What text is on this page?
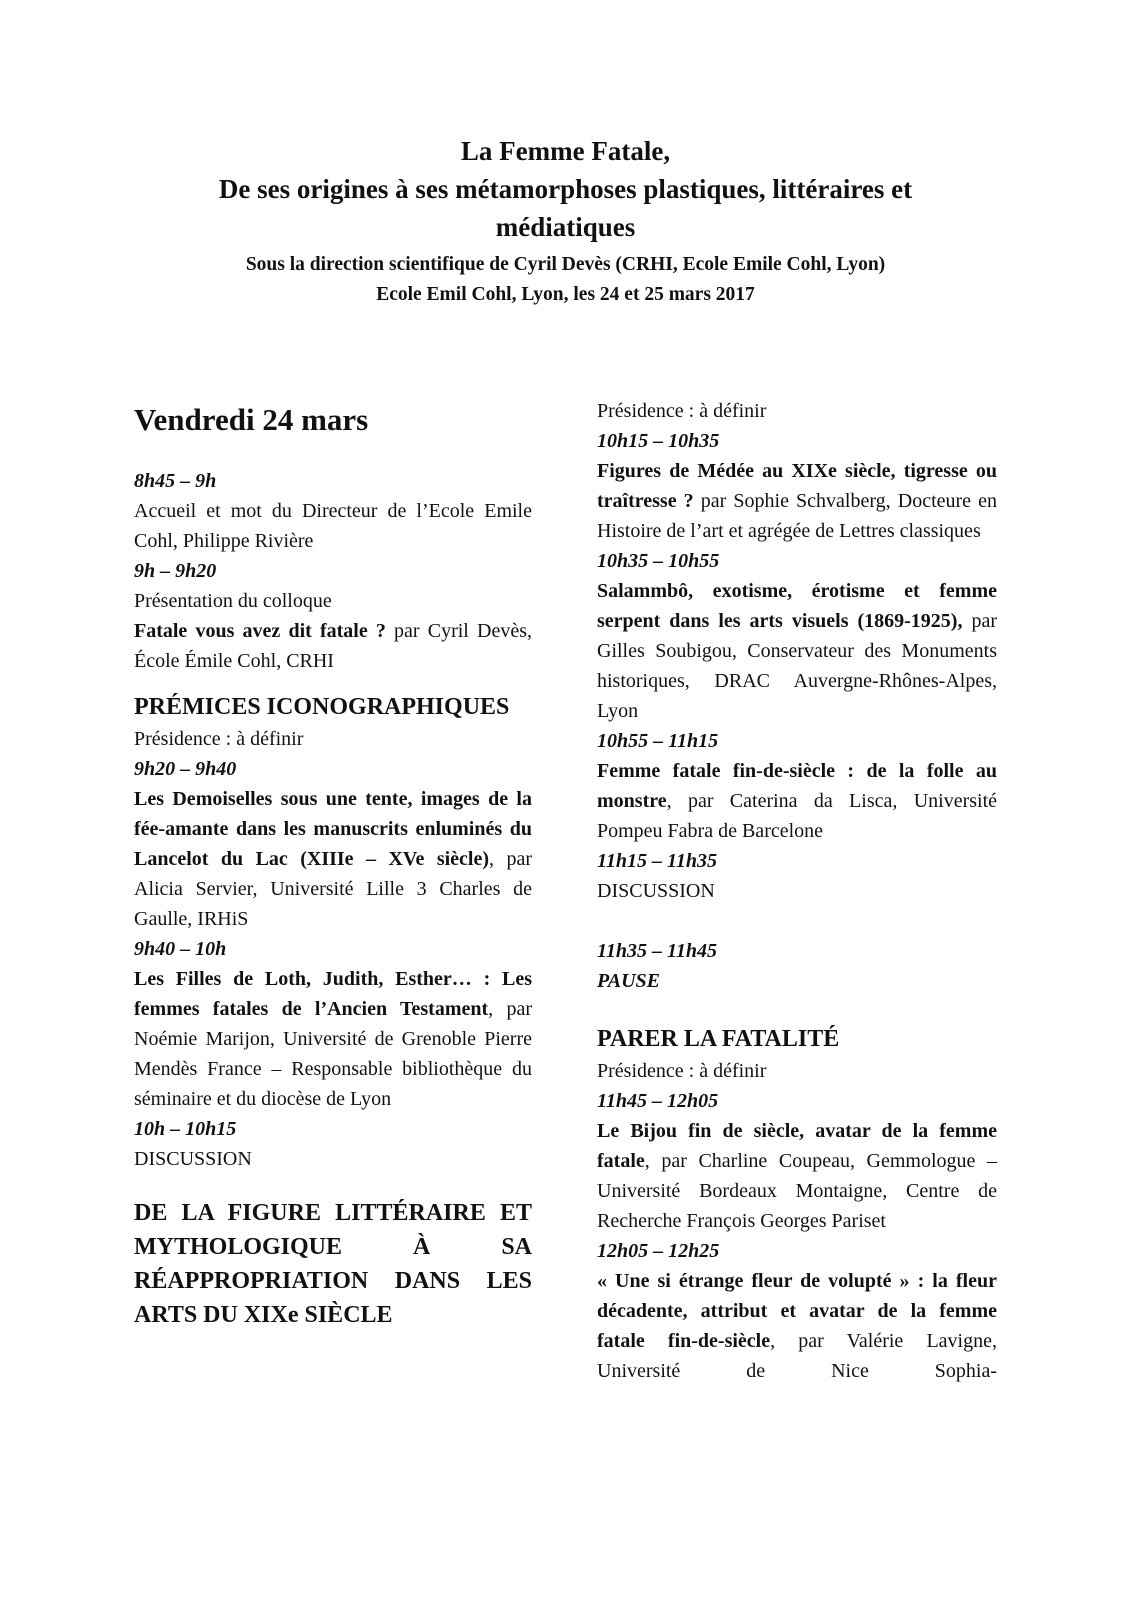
La Femme Fatale,
De ses origines à ses métamorphoses plastiques, littéraires et
médiatiques
Sous la direction scientifique de Cyril Devès (CRHI, Ecole Emile Cohl, Lyon)
Ecole Emil Cohl, Lyon, les 24 et 25 mars 2017
Vendredi 24 mars
8h45 – 9h
Accueil et mot du Directeur de l’Ecole Emile Cohl, Philippe Rivière
9h – 9h20
Présentation du colloque
Fatale vous avez dit fatale ? par Cyril Devès, École Émile Cohl, CRHI
PRÉMICES ICONOGRAPHIQUES
Présidence : à définir
9h20 – 9h40
Les Demoiselles sous une tente, images de la fée-amante dans les manuscrits enluminés du Lancelot du Lac (XIIIe – XVe siècle), par Alicia Servier, Université Lille 3 Charles de Gaulle, IRHiS
9h40 – 10h
Les Filles de Loth, Judith, Esther… : Les femmes fatales de l’Ancien Testament, par Noémie Marijon, Université de Grenoble Pierre Mendès France – Responsable bibliothèque du séminaire et du diocèse de Lyon
10h – 10h15
DISCUSSION
DE LA FIGURE LITTÉRAIRE ET MYTHOLOGIQUE À SA RÉAPPROPRIATION DANS LES ARTS DU XIXe SIÈCLE
Présidence : à définir
10h15 – 10h35
Figures de Médée au XIXe siècle, tigresse ou traîtresse ? par Sophie Schvalberg, Docteure en Histoire de l’art et agrégée de Lettres classiques
10h35 – 10h55
Salammbô, exotisme, érotisme et femme serpent dans les arts visuels (1869-1925), par Gilles Soubigou, Conservateur des Monuments historiques, DRAC Auvergne-Rhônes-Alpes, Lyon
10h55 – 11h15
Femme fatale fin-de-siècle : de la folle au monstre, par Caterina da Lisca, Université Pompeu Fabra de Barcelone
11h15 – 11h35
DISCUSSION
11h35 – 11h45
PAUSE
PARER LA FATALITÉ
Présidence : à définir
11h45 – 12h05
Le Bijou fin de siècle, avatar de la femme fatale, par Charline Coupeau, Gemmologue –Université Bordeaux Montaigne, Centre de Recherche François Georges Pariset
12h05 – 12h25
« Une si étrange fleur de volupté » : la fleur décadente, attribut et avatar de la femme fatale fin-de-siècle, par Valérie Lavigne, Université de Nice Sophia-
